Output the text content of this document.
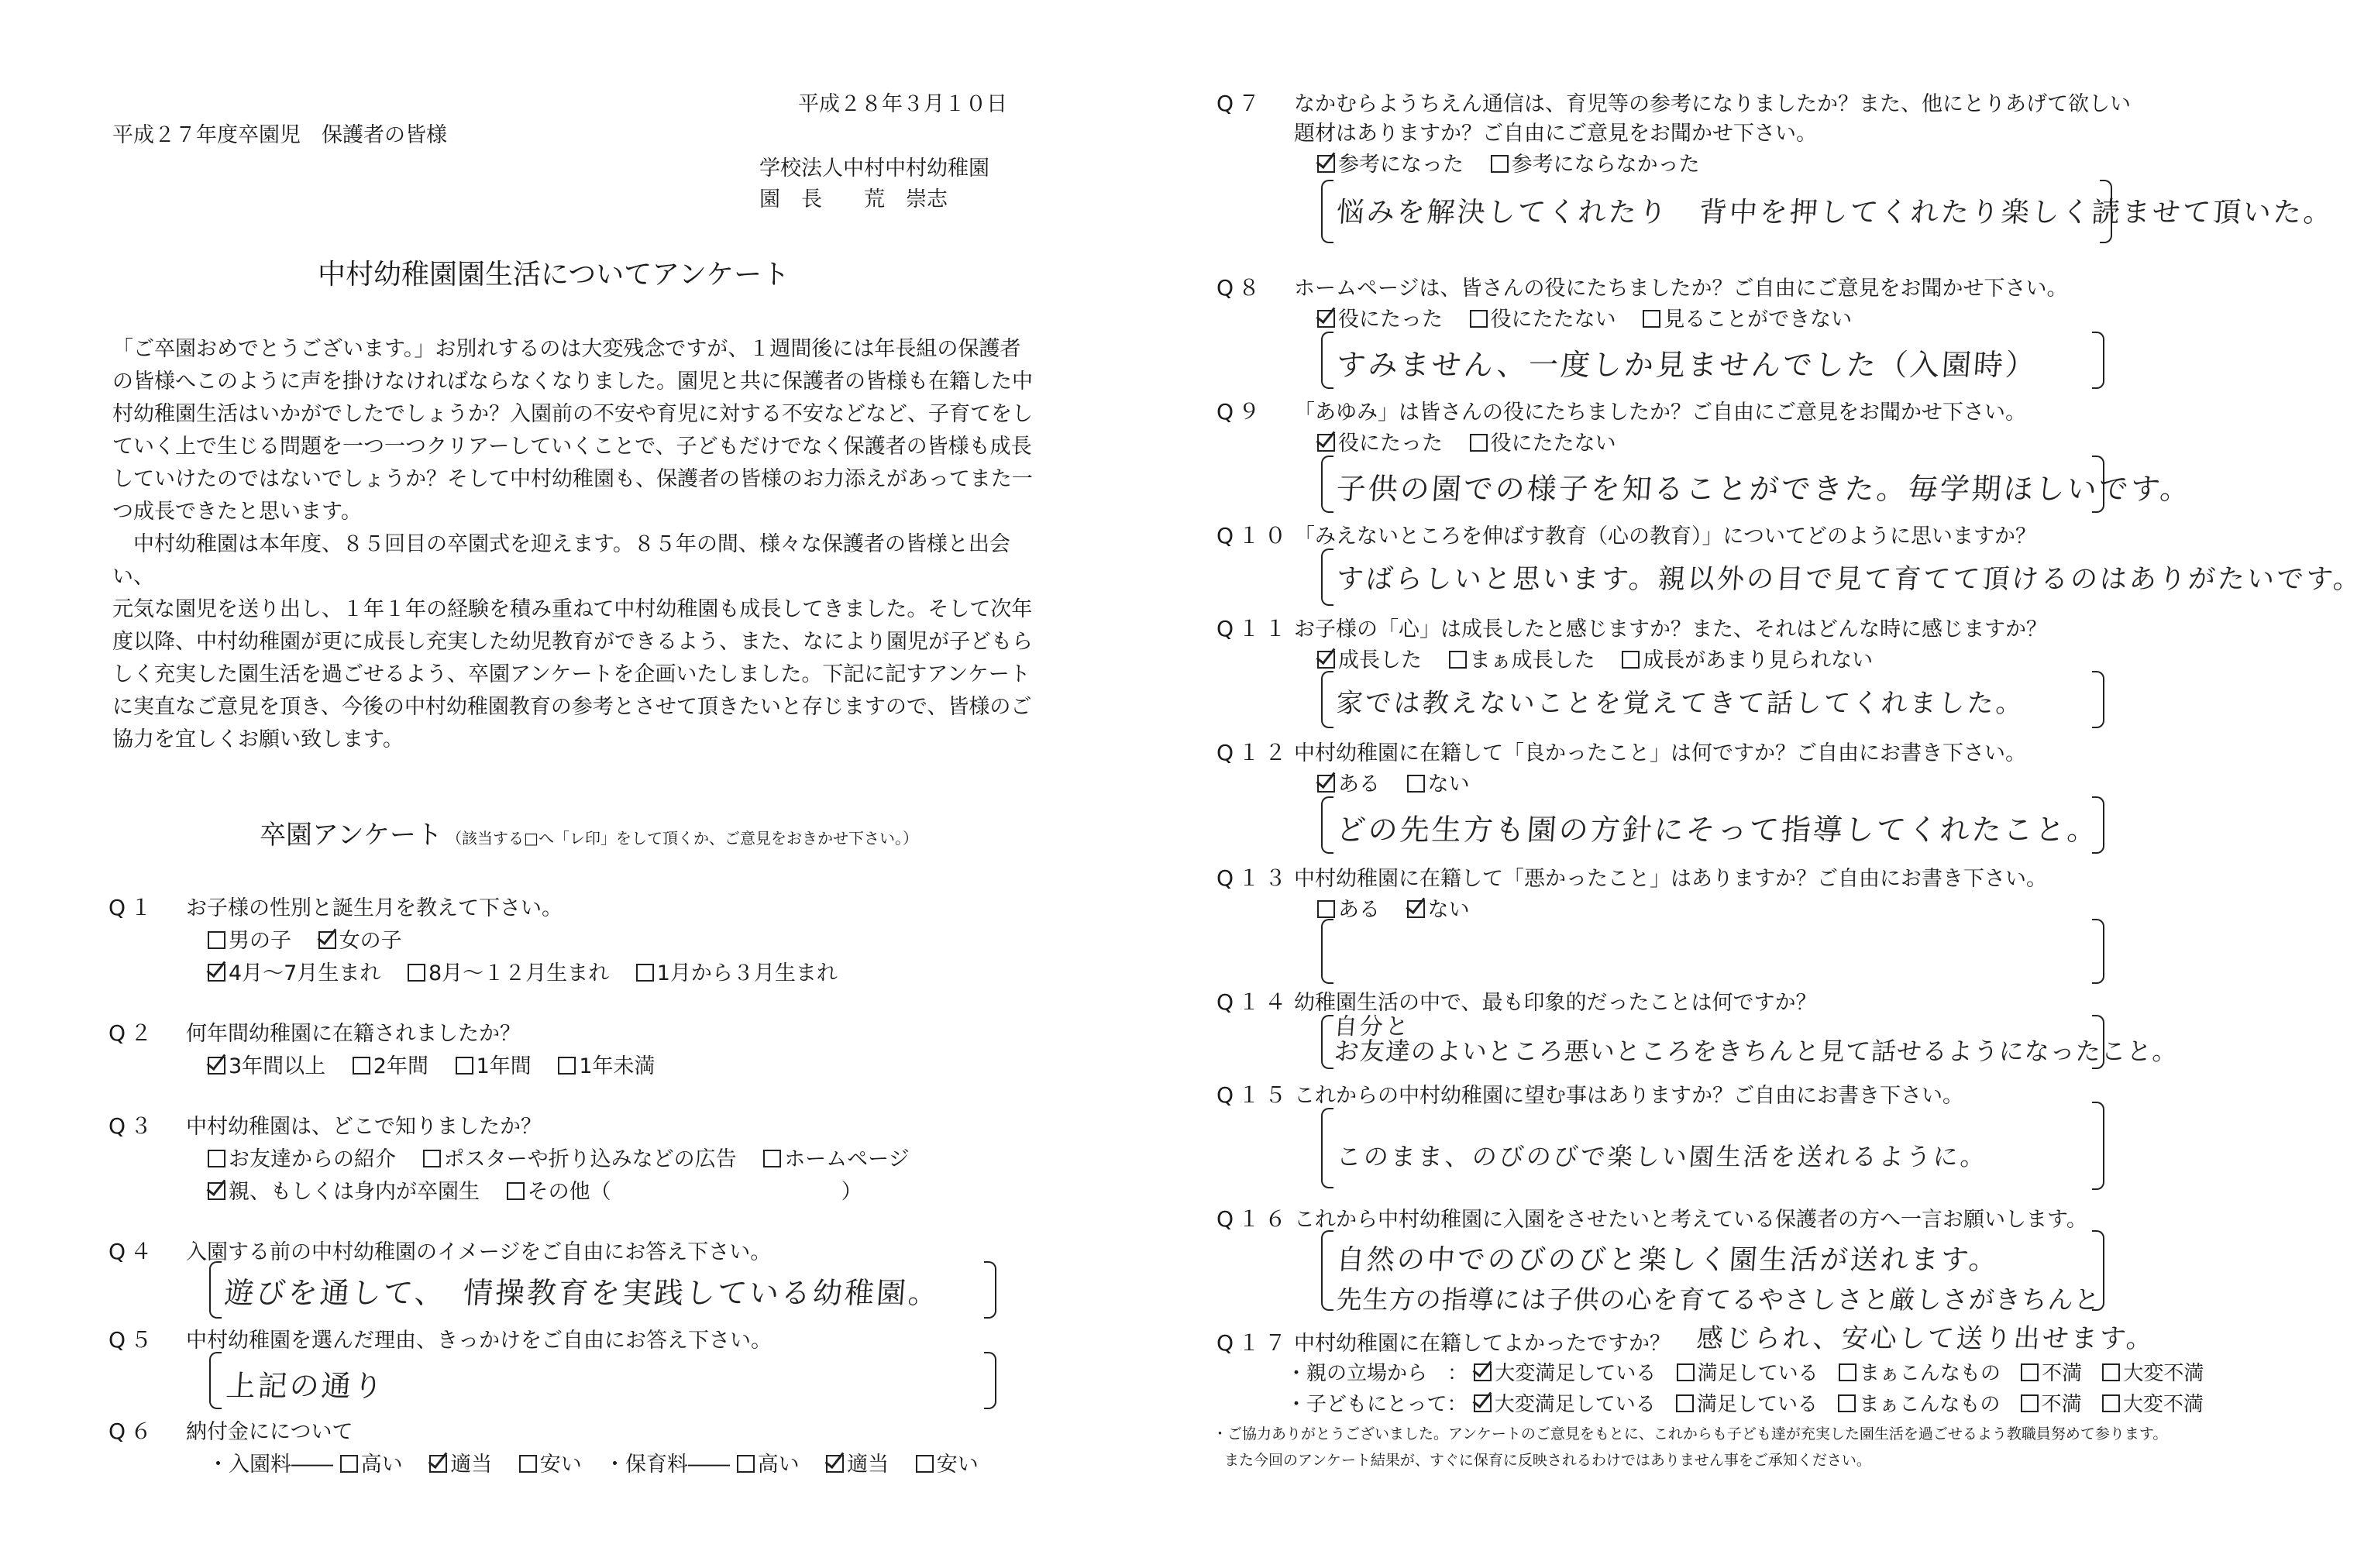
平成２８年３月１０日
平成２７年度卒園児　保護者の皆様
学校法人中村中村幼稚園
園　長　　荒　崇志
中村幼稚園園生活についてアンケート
「ご卒園おめでとうございます。」お別れするのは大変残念ですが、１週間後には年長組の保護者
の皆様へこのように声を掛けなければならなくなりました。園児と共に保護者の皆様も在籍した中
村幼稚園生活はいかがでしたでしょうか？入園前の不安や育児に対する不安などなど、子育てをし
ていく上で生じる問題を一つ一つクリアーしていくことで、子どもだけでなく保護者の皆様も成長
していけたのではないでしょうか？そして中村幼稚園も、保護者の皆様のお力添えがあってまた一
つ成長できたと思います。
　中村幼稚園は本年度、８５回目の卒園式を迎えます。８５年の間、様々な保護者の皆様と出会い、
元気な園児を送り出し、１年１年の経験を積み重ねて中村幼稚園も成長してきました。そして次年
度以降、中村幼稚園が更に成長し充実した幼児教育ができるよう、また、なにより園児が子どもら
しく充実した園生活を過ごせるよう、卒園アンケートを企画いたしました。下記に記すアンケート
に実直なご意見を頂き、今後の中村幼稚園教育の参考とさせて頂きたいと存じますので、皆様のご
協力を宜しくお願い致します。
卒園アンケート （該当する□へ「レ印」をして頂くか、ご意見をおきかせ下さい。）
Q１ お子様の性別と誕生月を教えて下さい。
男の子 女の子
4月～7月生まれ 8月～１２月生まれ 1月から３月生まれ
Q２ 何年間幼稚園に在籍されましたか？
3年間以上 2年間 1年間 1年未満
Q３ 中村幼稚園は、どこで知りましたか？
お友達からの紹介 ポスターや折り込みなどの広告 ホームページ
親、もしくは身内が卒園生 その他（　　　　　　　　　　　）
Q４ 入園する前の中村幼稚園のイメージをご自由にお答え下さい。
遊びを通して、　情操教育を実践している幼稚園。
Q５ 中村幼稚園を選んだ理由、きっかけをご自由にお答え下さい。
上記の通り
Q６ 納付金にについて
・入園料―― 高い 適当 安い	・保育料―― 高い 適当 安い
Q７ なかむらようちえん通信は、育児等の参考になりましたか？また、他にとりあげて欲しい
題材はありますか？ご自由にご意見をお聞かせ下さい。
参考になった 参考にならなかった
悩みを解決してくれたり　背中を押してくれたり楽しく読ませて頂いた。
Q８ ホームページは、皆さんの役にたちましたか？ご自由にご意見をお聞かせ下さい。
役にたった 役にたたない 見ることができない
すみません、一度しか見ませんでした（入園時）
Q９ 「あゆみ」は皆さんの役にたちましたか？ご自由にご意見をお聞かせ下さい。
役にたった 役にたたない
子供の園での様子を知ることができた。毎学期ほしいです。
Q１０ 「みえないところを伸ばす教育（心の教育）」についてどのように思いますか？
すばらしいと思います。親以外の目で見て育てて頂けるのはありがたいです。
Q１１ お子様の「心」は成長したと感じますか？また、それはどんな時に感じますか？
成長した まぁ成長した 成長があまり見られない
家では教えないことを覚えてきて話してくれました。
Q１２ 中村幼稚園に在籍して「良かったこと」は何ですか？ご自由にお書き下さい。
ある ない
どの先生方も園の方針にそって指導してくれたこと。
Q１３ 中村幼稚園に在籍して「悪かったこと」はありますか？ご自由にお書き下さい。
ある ない
Q１４ 幼稚園生活の中で、最も印象的だったことは何ですか？
自分と
お友達のよいところ悪いところをきちんと見て話せるようになったこと。
Q１５ これからの中村幼稚園に望む事はありますか？ご自由にお書き下さい。
このまま、のびのびで楽しい園生活を送れるように。
Q１６ これから中村幼稚園に入園をさせたいと考えている保護者の方へ一言お願いします。
自然の中でのびのびと楽しく園生活が送れます。
先生方の指導には子供の心を育てるやさしさと厳しさがきちんと
Q１７ 中村幼稚園に在籍してよかったですか？ 感じられ、安心して送り出せます。
・親の立場から　： 大変満足している 満足している まぁこんなもの 不満 大変不満
・子どもにとって： 大変満足している 満足している まぁこんなもの 不満 大変不満
・ご協力ありがとうございました。アンケートのご意見をもとに、これからも子ども達が充実した園生活を過ごせるよう教職員努めて参ります。
また今回のアンケート結果が、すぐに保育に反映されるわけではありません事をご承知ください。
